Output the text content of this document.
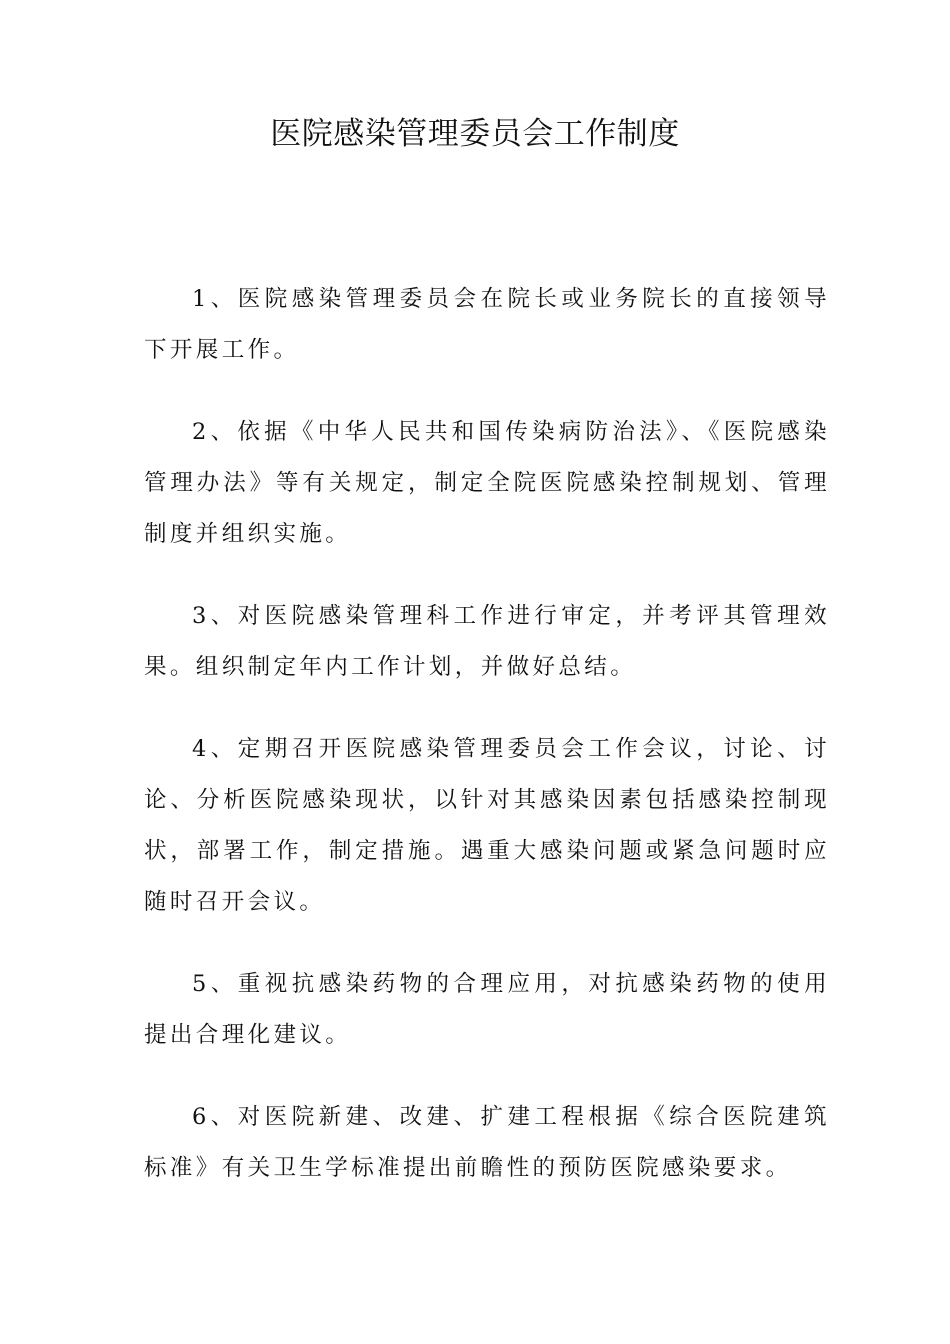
医院感染管理委员会工作制度

1、医院感染管理委员会在院长或业务院长的直接领导下开展工作。

2、依据《中华人民共和国传染病防治法》、《医院感染管理办法》等有关规定，制定全院医院感染控制规划、管理制度并组织实施。

3、对医院感染管理科工作进行审定，并考评其管理效果。组织制定年内工作计划，并做好总结。

4、定期召开医院感染管理委员会工作会议，讨论、讨论、分析医院感染现状，以针对其感染因素包括感染控制现状，部署工作，制定措施。遇重大感染问题或紧急问题时应随时召开会议。

5、重视抗感染药物的合理应用，对抗感染药物的使用提出合理化建议。

6、对医院新建、改建、扩建工程根据《综合医院建筑标准》有关卫生学标准提出前瞻性的预防医院感染要求。
